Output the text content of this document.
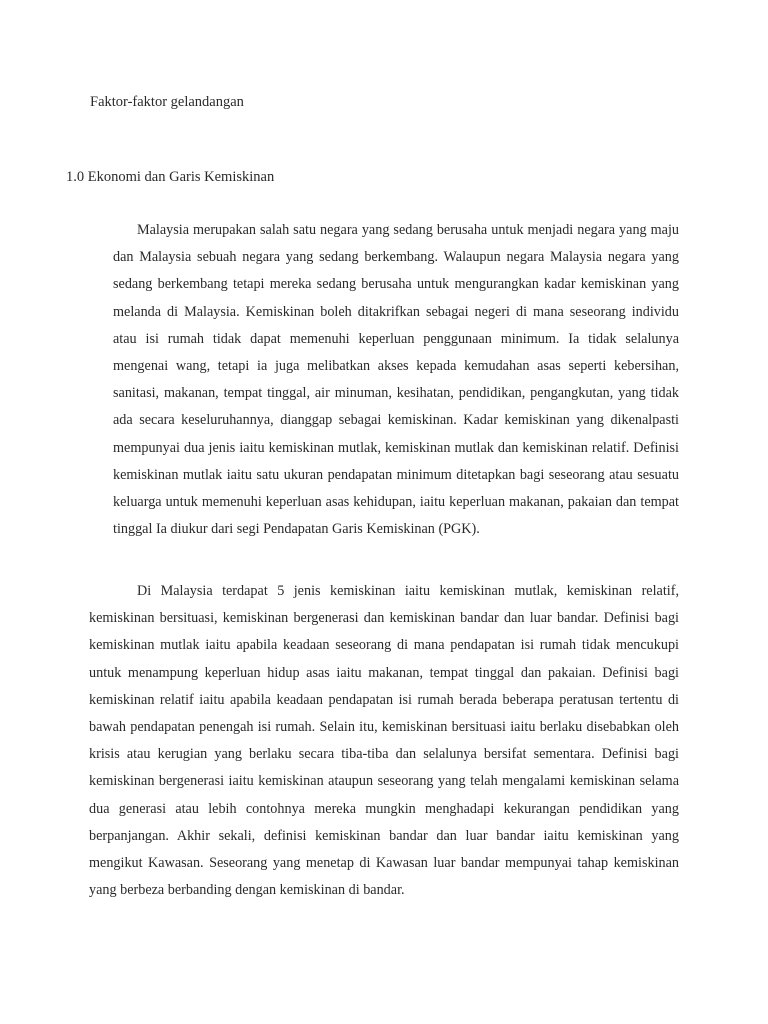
Faktor-faktor gelandangan
1.0 Ekonomi dan Garis Kemiskinan

Malaysia merupakan salah satu negara yang sedang berusaha untuk menjadi negara yang maju dan Malaysia sebuah negara yang sedang berkembang. Walaupun negara Malaysia negara yang sedang berkembang tetapi mereka sedang berusaha untuk mengurangkan kadar kemiskinan yang melanda di Malaysia. Kemiskinan boleh ditakrifkan sebagai negeri di mana seseorang individu atau isi rumah tidak dapat memenuhi keperluan penggunaan minimum. Ia tidak selalunya mengenai wang, tetapi ia juga melibatkan akses kepada kemudahan asas seperti kebersihan, sanitasi, makanan, tempat tinggal, air minuman, kesihatan, pendidikan, pengangkutan, yang tidak ada secara keseluruhannya, dianggap sebagai kemiskinan. Kadar kemiskinan yang dikenalpasti mempunyai dua jenis iaitu kemiskinan mutlak, kemiskinan mutlak dan kemiskinan relatif. Definisi kemiskinan mutlak iaitu satu ukuran pendapatan minimum ditetapkan bagi seseorang atau sesuatu keluarga untuk memenuhi keperluan asas kehidupan, iaitu keperluan makanan, pakaian dan tempat tinggal Ia diukur dari segi Pendapatan Garis Kemiskinan (PGK).

Di Malaysia terdapat 5 jenis kemiskinan iaitu kemiskinan mutlak, kemiskinan relatif, kemiskinan bersituasi, kemiskinan bergenerasi dan kemiskinan bandar dan luar bandar. Definisi bagi kemiskinan mutlak iaitu apabila keadaan seseorang di mana pendapatan isi rumah tidak mencukupi untuk menampung keperluan hidup asas iaitu makanan, tempat tinggal dan pakaian. Definisi bagi kemiskinan relatif iaitu apabila keadaan pendapatan isi rumah berada beberapa peratusan tertentu di bawah pendapatan penengah isi rumah. Selain itu, kemiskinan bersituasi iaitu berlaku disebabkan oleh krisis atau kerugian yang berlaku secara tiba-tiba dan selalunya bersifat sementara. Definisi bagi kemiskinan bergenerasi iaitu kemiskinan ataupun seseorang yang telah mengalami kemiskinan selama dua generasi atau lebih contohnya mereka mungkin menghadapi kekurangan pendidikan yang berpanjangan. Akhir sekali, definisi kemiskinan bandar dan luar bandar iaitu kemiskinan yang mengikut Kawasan. Seseorang yang menetap di Kawasan luar bandar mempunyai tahap kemiskinan yang berbeza berbanding dengan kemiskinan di bandar.
